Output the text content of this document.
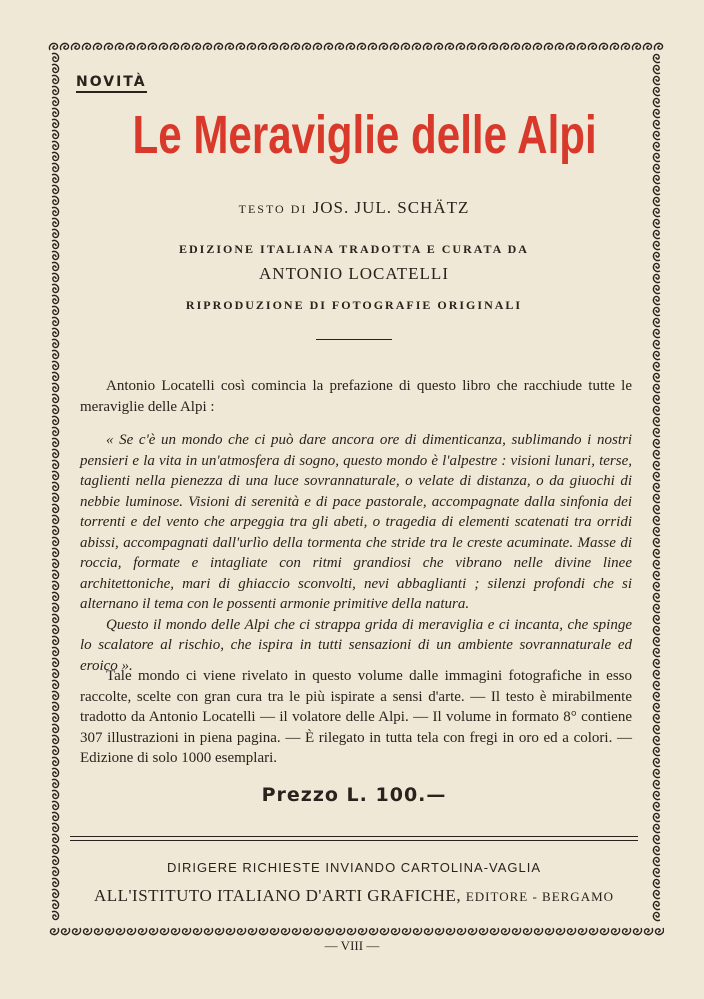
NOVITÀ
Le Meraviglie delle Alpi
TESTO DI JOS. JUL. SCHÄTZ
EDIZIONE ITALIANA TRADOTTA E CURATA DA
ANTONIO LOCATELLI
RIPRODUZIONE DI FOTOGRAFIE ORIGINALI

Antonio Locatelli così comincia la prefazione di questo libro che racchiude tutte le meraviglie delle Alpi :

« Se c'è un mondo che ci può dare ancora ore di dimenticanza, sublimando i nostri pensieri e la vita in un'atmosfera di sogno, questo mondo è l'alpestre : visioni lunari, terse, taglienti nella pienezza di una luce sovrannaturale, o velate di distanza, o da giuochi di nebbie luminose. Visioni di serenità e di pace pastorale, accompagnate dalla sinfonia dei torrenti e del vento che arpeggia tra gli abeti, o tragedia di elementi scatenati tra orridi abissi, accompagnati dall'urlìo della tormenta che stride tra le creste acuminate. Masse di roccia, formate e intagliate con ritmi grandiosi che vibrano nelle divine linee architettoniche, mari di ghiaccio sconvolti, nevi abbaglianti ; silenzi profondi che si alternano il tema con le possenti armonie primitive della natura.

Questo il mondo delle Alpi che ci strappa grida di meraviglia e ci incanta, che spinge lo scalatore al rischio, che ispira in tutti sensazioni di un ambiente sovrannaturale ed eroico ».

Tale mondo ci viene rivelato in questo volume dalle immagini fotografiche in esso raccolte, scelte con gran cura tra le più ispirate a sensi d'arte. — Il testo è mirabilmente tradotto da Antonio Locatelli — il volatore delle Alpi. — Il volume in formato 8° contiene 307 illustrazioni in piena pagina. — È rilegato in tutta tela con fregi in oro ed a colori. — Edizione di solo 1000 esemplari.

Prezzo L. 100.—
DIRIGERE RICHIESTE INVIANDO CARTOLINA-VAGLIA
ALL'ISTITUTO ITALIANO D'ARTI GRAFICHE, EDITORE - BERGAMO
— VIII —
